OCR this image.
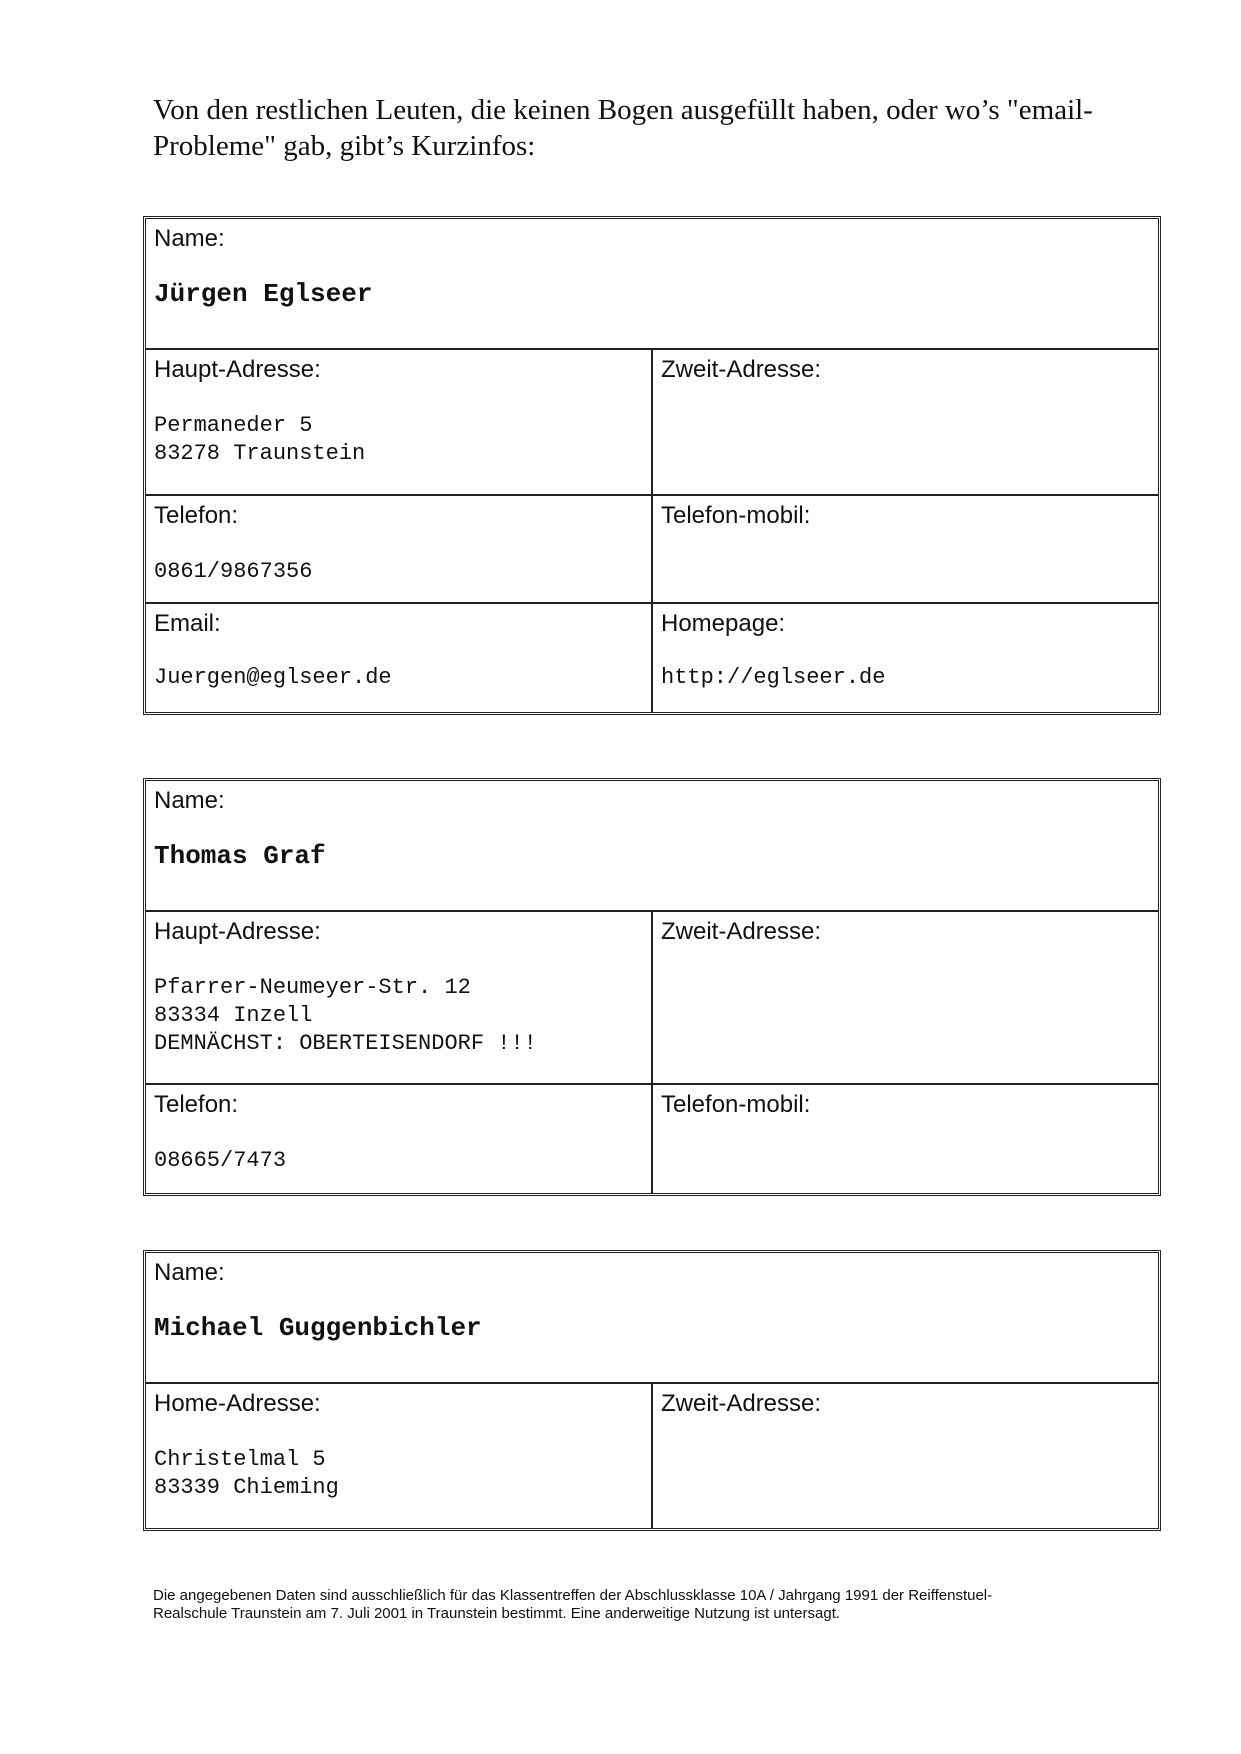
Von den restlichen Leuten, die keinen Bogen ausgefüllt haben, oder wo’s "email-
Probleme" gab, gibt’s Kurzinfos:
Name:
Jürgen Eglseer
Haupt-Adresse:
Permaneder 5
83278 Traunstein
Zweit-Adresse:
Telefon:
0861/9867356
Telefon-mobil:
Email:
Juergen@eglseer.de
Homepage:
http://eglseer.de
Name:
Thomas Graf
Haupt-Adresse:
Pfarrer-Neumeyer-Str. 12
83334 Inzell
DEMNÄCHST: OBERTEISENDORF !!!
Zweit-Adresse:
Telefon:
08665/7473
Telefon-mobil:
Name:
Michael Guggenbichler
Home-Adresse:
Christelmal 5
83339 Chieming
Zweit-Adresse:
Die angegebenen Daten sind ausschließlich für das Klassentreffen der Abschlussklasse 10A / Jahrgang 1991 der Reiffenstuel-
Realschule Traunstein am 7. Juli 2001 in Traunstein bestimmt. Eine anderweitige Nutzung ist untersagt.
